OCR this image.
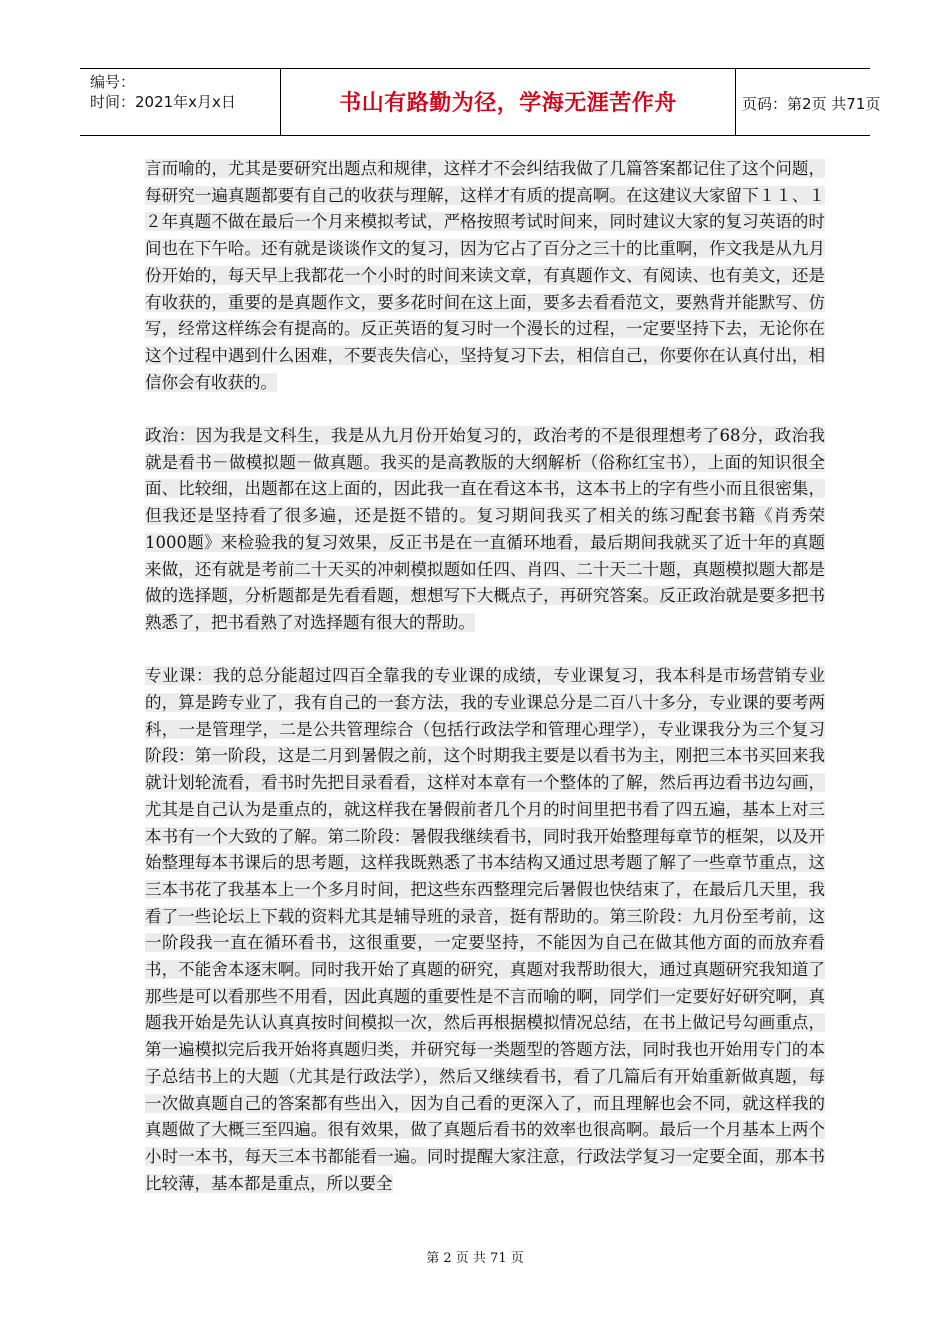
编号：
时间：2021年x月x日	书山有路勤为径，学海无涯苦作舟	页码：第2页 共71页

言而喻的，尤其是要研究出题点和规律，这样才不会纠结我做了几篇答案都记住了这个问题，每研究一遍真题都要有自己的收获与理解，这样才有质的提高啊。在这建议大家留下１１、１２年真题不做在最后一个月来模拟考试，严格按照考试时间来，同时建议大家的复习英语的时间也在下午哈。还有就是谈谈作文的复习，因为它占了百分之三十的比重啊，作文我是从九月份开始的，每天早上我都花一个小时的时间来读文章，有真题作文、有阅读、也有美文，还是有收获的，重要的是真题作文，要多花时间在这上面，要多去看看范文，要熟背并能默写、仿写，经常这样练会有提高的。反正英语的复习时一个漫长的过程，一定要坚持下去，无论你在这个过程中遇到什么困难，不要丧失信心，坚持复习下去，相信自己，你要你在认真付出，相信你会有收获的。

政治：因为我是文科生，我是从九月份开始复习的，政治考的不是很理想考了68分，政治我就是看书－做模拟题－做真题。我买的是高教版的大纲解析（俗称红宝书），上面的知识很全面、比较细，出题都在这上面的，因此我一直在看这本书，这本书上的字有些小而且很密集，但我还是坚持看了很多遍，还是挺不错的。复习期间我买了相关的练习配套书籍《肖秀荣1000题》来检验我的复习效果，反正书是在一直循环地看，最后期间我就买了近十年的真题来做，还有就是考前二十天买的冲刺模拟题如任四、肖四、二十天二十题，真题模拟题大都是做的选择题，分析题都是先看看题，想想写下大概点子，再研究答案。反正政治就是要多把书熟悉了，把书看熟了对选择题有很大的帮助。

专业课：我的总分能超过四百全靠我的专业课的成绩，专业课复习，我本科是市场营销专业的，算是跨专业了，我有自己的一套方法，我的专业课总分是二百八十多分，专业课的要考两科，一是管理学，二是公共管理综合（包括行政法学和管理心理学），专业课我分为三个复习阶段：第一阶段，这是二月到暑假之前，这个时期我主要是以看书为主，刚把三本书买回来我就计划轮流看，看书时先把目录看看，这样对本章有一个整体的了解，然后再边看书边勾画，尤其是自己认为是重点的，就这样我在暑假前者几个月的时间里把书看了四五遍，基本上对三本书有一个大致的了解。第二阶段：暑假我继续看书，同时我开始整理每章节的框架，以及开始整理每本书课后的思考题，这样我既熟悉了书本结构又通过思考题了解了一些章节重点，这三本书花了我基本上一个多月时间，把这些东西整理完后暑假也快结束了，在最后几天里，我看了一些论坛上下载的资料尤其是辅导班的录音，挺有帮助的。第三阶段：九月份至考前，这一阶段我一直在循环看书，这很重要，一定要坚持，不能因为自己在做其他方面的而放弃看书，不能舍本逐末啊。同时我开始了真题的研究，真题对我帮助很大，通过真题研究我知道了那些是可以看那些不用看，因此真题的重要性是不言而喻的啊，同学们一定要好好研究啊，真题我开始是先认认真真按时间模拟一次，然后再根据模拟情况总结，在书上做记号勾画重点，第一遍模拟完后我开始将真题归类，并研究每一类题型的答题方法，同时我也开始用专门的本子总结书上的大题（尤其是行政法学），然后又继续看书，看了几篇后有开始重新做真题，每一次做真题自己的答案都有些出入，因为自己看的更深入了，而且理解也会不同，就这样我的真题做了大概三至四遍。很有效果，做了真题后看书的效率也很高啊。最后一个月基本上两个小时一本书，每天三本书都能看一遍。同时提醒大家注意，行政法学复习一定要全面，那本书比较薄，基本都是重点，所以要全

第 2 页 共 71 页
